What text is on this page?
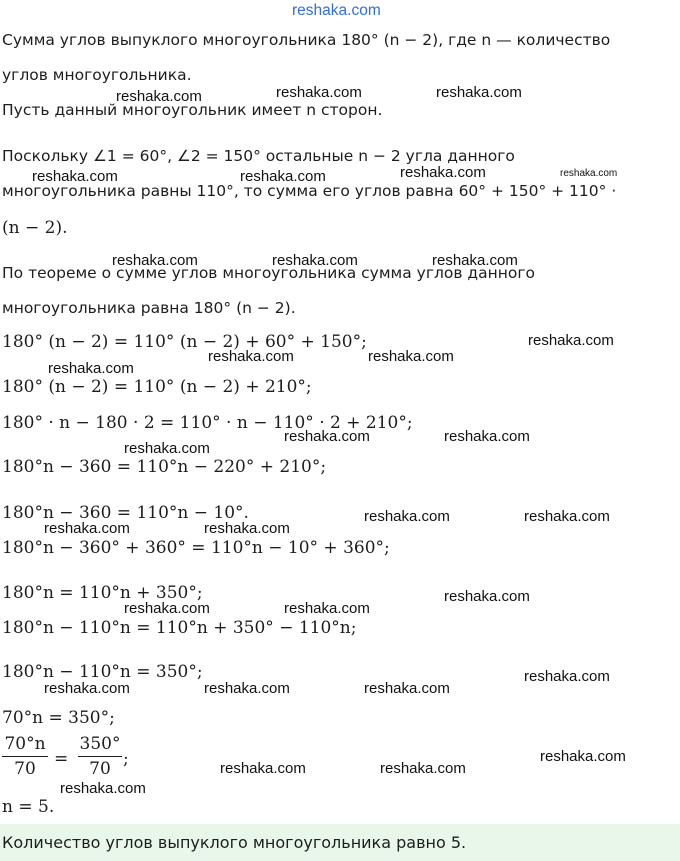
reshaka.com
Сумма углов выпуклого многоугольника 180° (n − 2), где n — количество
углов многоугольника.
Пусть данный многоугольник имеет n сторон.
Поскольку ∠1 = 60°, ∠2 = 150° остальные n − 2 угла данного
многоугольника равны 110°, то сумма его углов равна 60° + 150° + 110° ·
(n − 2).
По теореме о сумме углов многоугольника сумма углов данного
многоугольника равна 180° (n − 2).
180° (n − 2) = 110° (n − 2) + 60° + 150°;
180° (n − 2) = 110° (n − 2) + 210°;
180° · n − 180 · 2 = 110° · n − 110° · 2 + 210°;
180°n − 360 = 110°n − 220° + 210°;
180°n − 360 = 110°n − 10°.
180°n − 360° + 360° = 110°n − 10° + 360°;
180°n = 110°n + 350°;
180°n − 110°n = 110°n + 350° − 110°n;
180°n − 110°n = 350°;
70°n = 350°;
70°n
70	=
350°
70 ;
n = 5.
Количество углов выпуклого многоугольника равно 5.
reshaka.com	reshaka.com	reshaka.com
reshaka.com	reshaka.com	reshaka.com	reshaka.com
reshaka.com	reshaka.com	reshaka.com
reshaka.com
reshaka.com	reshaka.com
reshaka.com
reshaka.com	reshaka.com
reshaka.com
reshaka.com	reshaka.com
reshaka.com	reshaka.com
reshaka.com
reshaka.com	reshaka.com
reshaka.com
reshaka.com	reshaka.com	reshaka.com
reshaka.com
reshaka.com	reshaka.com
reshaka.com
